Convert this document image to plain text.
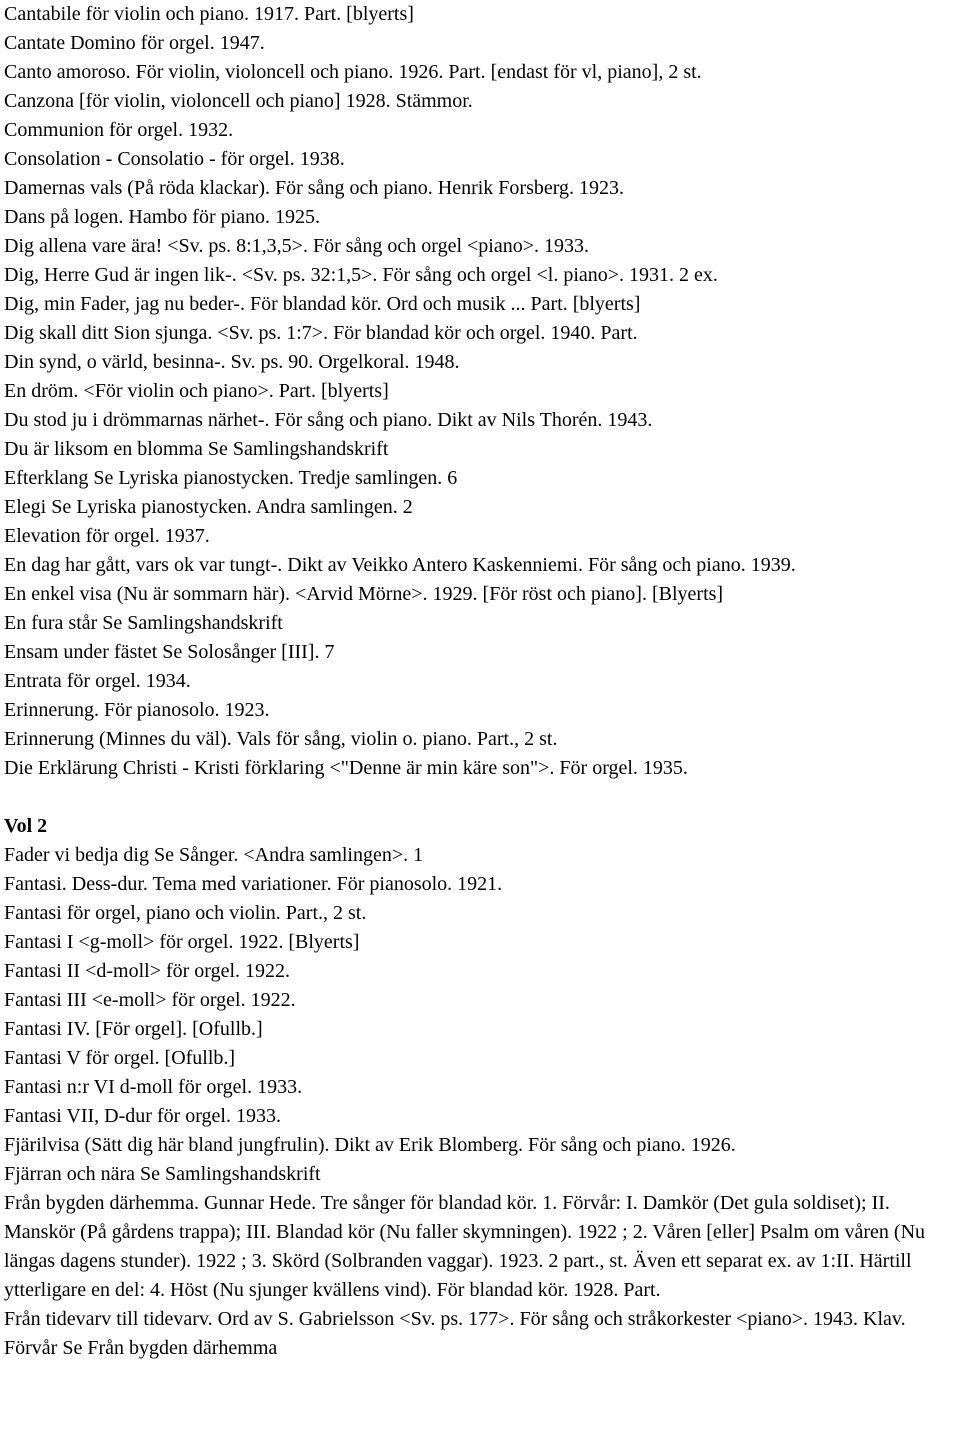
Cantabile för violin och piano. 1917. Part. [blyerts]

Cantate Domino för orgel. 1947.

Canto amoroso. För violin, violoncell och piano. 1926. Part. [endast för vl, piano], 2 st.

Canzona [för violin, violoncell och piano] 1928. Stämmor.

Communion för orgel. 1932.

Consolation - Consolatio - för orgel. 1938.

Damernas vals (På röda klackar). För sång och piano. Henrik Forsberg. 1923.

Dans på logen. Hambo för piano. 1925.

Dig allena vare ära! <Sv. ps. 8:1,3,5>. För sång och orgel <piano>. 1933.

Dig, Herre Gud är ingen lik-. <Sv. ps. 32:1,5>. För sång och orgel <l. piano>. 1931. 2 ex.

Dig, min Fader, jag nu beder-. För blandad kör. Ord och musik ... Part. [blyerts]

Dig skall ditt Sion sjunga. <Sv. ps. 1:7>. För blandad kör och orgel. 1940. Part.

Din synd, o värld, besinna-. Sv. ps. 90. Orgelkoral. 1948.

En dröm. <För violin och piano>. Part. [blyerts]

Du stod ju i drömmarnas närhet-. För sång och piano. Dikt av Nils Thorén. 1943.

Du är liksom en blomma Se Samlingshandskrift

Efterklang Se Lyriska pianostycken. Tredje samlingen. 6

Elegi Se Lyriska pianostycken. Andra samlingen. 2

Elevation för orgel. 1937.

En dag har gått, vars ok var tungt-. Dikt av Veikko Antero Kaskenniemi. För sång och piano. 1939.

En enkel visa (Nu är sommarn här). <Arvid Mörne>. 1929. [För röst och piano]. [Blyerts]

En fura står Se Samlingshandskrift

Ensam under fästet Se Solosånger [III]. 7

Entrata för orgel. 1934.

Erinnerung. För pianosolo. 1923.

Erinnerung (Minnes du väl). Vals för sång, violin o. piano. Part., 2 st.

Die Erklärung Christi - Kristi förklaring <"Denne är min käre son">. För orgel. 1935.

Vol 2

Fader vi bedja dig Se Sånger. <Andra samlingen>. 1

Fantasi. Dess-dur. Tema med variationer. För pianosolo. 1921.

Fantasi för orgel, piano och violin. Part., 2 st.

Fantasi I <g-moll> för orgel. 1922. [Blyerts]

Fantasi II <d-moll> för orgel. 1922.

Fantasi III <e-moll> för orgel. 1922.

Fantasi IV. [För orgel]. [Ofullb.]

Fantasi V för orgel. [Ofullb.]

Fantasi n:r VI d-moll för orgel. 1933.

Fantasi VII, D-dur för orgel. 1933.

Fjärilvisa (Sätt dig här bland jungfrulin). Dikt av Erik Blomberg. För sång och piano. 1926.

Fjärran och nära Se Samlingshandskrift

Från bygden därhemma. Gunnar Hede. Tre sånger för blandad kör. 1. Förvår: I. Damkör (Det gula soldiset); II. Manskör (På gårdens trappa); III. Blandad kör (Nu faller skymningen). 1922 ; 2. Våren [eller] Psalm om våren (Nu längas dagens stunder). 1922 ; 3. Skörd (Solbranden vaggar). 1923. 2 part., st. Även ett separat ex. av 1:II. Härtill ytterligare en del: 4. Höst (Nu sjunger kvällens vind). För blandad kör. 1928. Part.

Från tidevarv till tidevarv. Ord av S. Gabrielsson <Sv. ps. 177>. För sång och stråkorkester <piano>. 1943. Klav.

Förvår Se Från bygden därhemma
